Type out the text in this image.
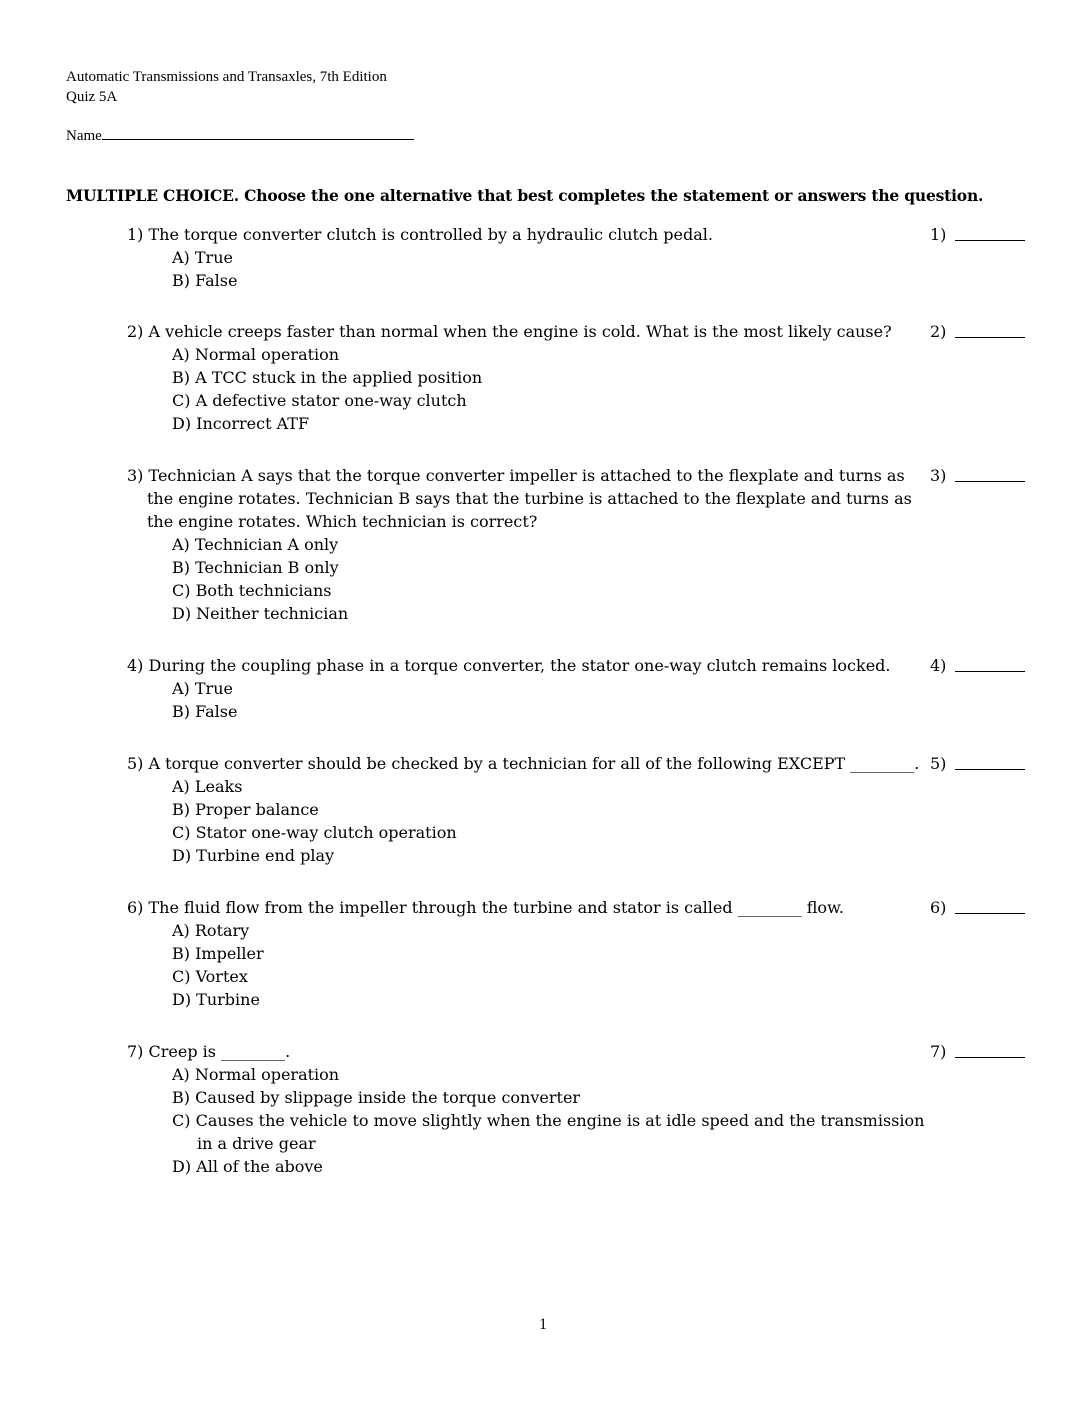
Automatic Transmissions and Transaxles, 7th Edition
Quiz 5A
Name
MULTIPLE CHOICE. Choose the one alternative that best completes the statement or answers the question.
1) The torque converter clutch is controlled by a hydraulic clutch pedal.
A) True
B) False
1)
2) A vehicle creeps faster than normal when the engine is cold. What is the most likely cause?
A) Normal operation
B) A TCC stuck in the applied position
C) A defective stator one-way clutch
D) Incorrect ATF
2)
3) Technician A says that the torque converter impeller is attached to the flexplate and turns as the engine rotates. Technician B says that the turbine is attached to the flexplate and turns as the engine rotates. Which technician is correct?
A) Technician A only
B) Technician B only
C) Both technicians
D) Neither technician
3)
4) During the coupling phase in a torque converter, the stator one-way clutch remains locked.
A) True
B) False
4)
5) A torque converter should be checked by a technician for all of the following EXCEPT ________.
A) Leaks
B) Proper balance
C) Stator one-way clutch operation
D) Turbine end play
5)
6) The fluid flow from the impeller through the turbine and stator is called ________ flow.
A) Rotary
B) Impeller
C) Vortex
D) Turbine
6)
7) Creep is ________.
A) Normal operation
B) Caused by slippage inside the torque converter
C) Causes the vehicle to move slightly when the engine is at idle speed and the transmission in a drive gear
D) All of the above
7)
1
